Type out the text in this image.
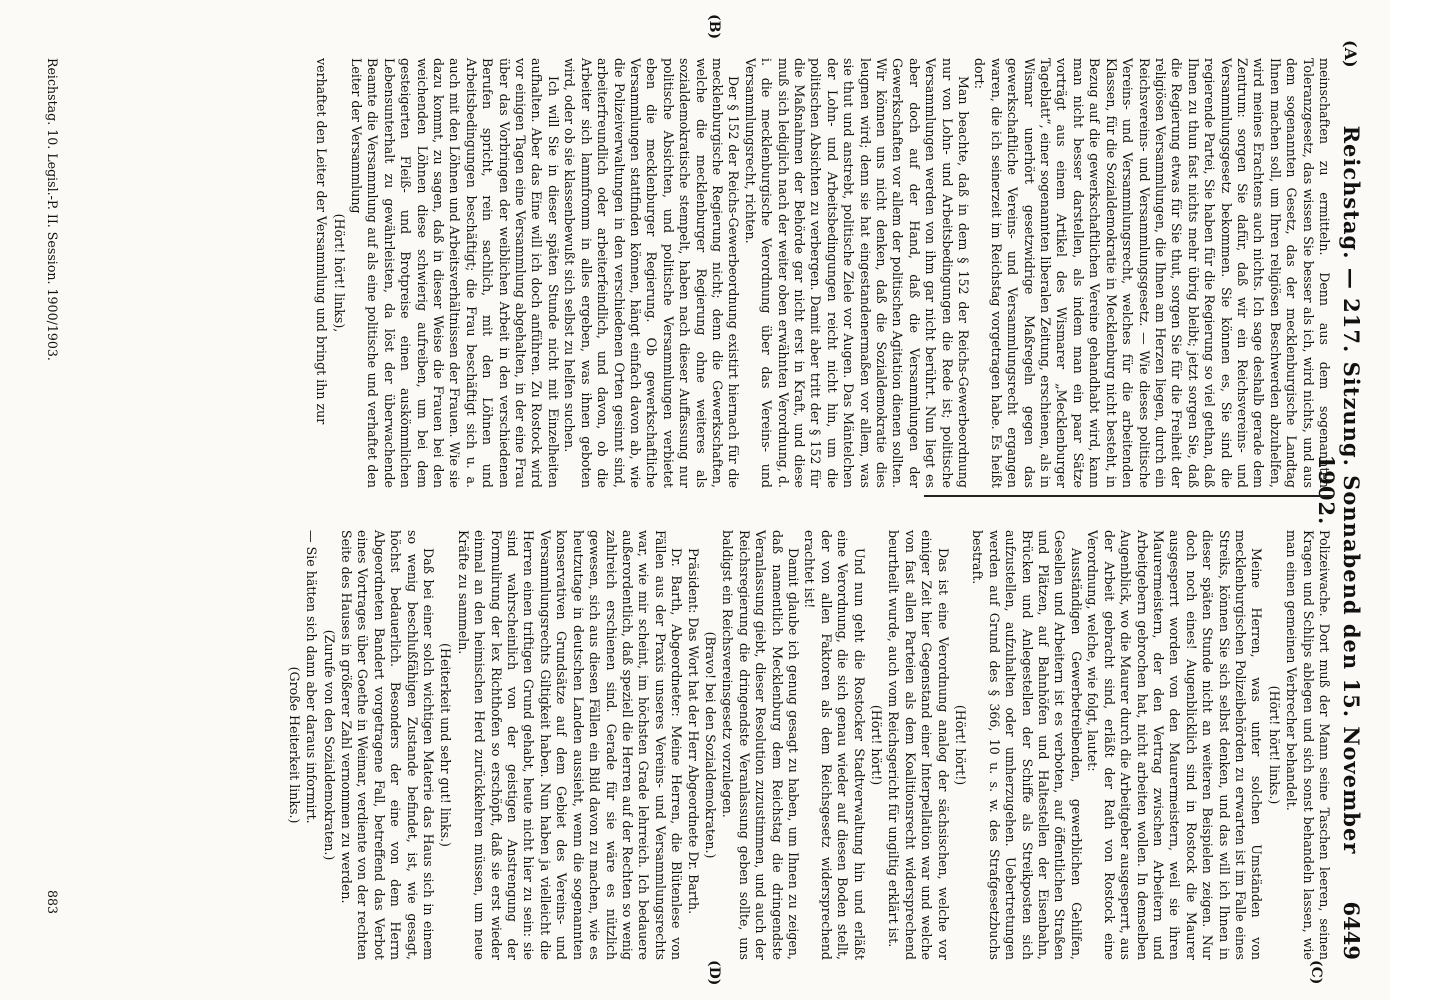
(A)
Reichstag. — 217. Sitzung. Sonnabend den 15. November 1902.
6449

meinschaften zu ermitteln. Denn aus dem sogenannten Toleranzgesetz, das wissen Sie besser als ich, wird nichts, und aus dem sogenannten Gesetz, das der mecklenburgische Landtag Ihnen machen soll, um Ihren religiösen Beschwerden abzuhelfen, wird meines Erachtens auch nichts. Ich sage deshalb gerade dem Zentrum: sorgen Sie dafür, daß wir ein Reichsvereins- und Versammlungsgesetz bekommen. Sie können es, Sie sind die regierende Partei, Sie haben für die Regierung so viel gethan, daß Ihnen zu thun fast nichts mehr übrig bleibt; jetzt sorgen Sie, daß die Regierung etwas für Sie thut, sorgen Sie für die Freiheit der religiösen Versammlungen, die Ihnen am Herzen liegen, durch ein Reichsvereins- und Versammlungsgesetz. — Wie dieses politische Vereins- und Versammlungsrecht, welches für die arbeitenden Klassen, für die Sozialdemokratie in Mecklenburg nicht besteht, in Bezug auf die gewerkschaftlichen Vereine gehandhabt wird, kann man nicht besser darstellen, als indem man ein paar Sätze vorträgt aus einem Artikel des Wismarer „Mecklenburger Tageblatt“, einer sogenannten liberalen Zeitung, erschienen, als in Wismar unerhört gesetzwidrige Maßregeln gegen das gewerkschaftliche Vereins- und Versammlungsrecht ergangen waren, die ich seinerzeit im Reichstag vorgetragen habe. Es heißt dort:

Man beachte, daß in dem § 152 der Reichs-Gewerbeordnung nur von Lohn- und Arbeitsbedingungen die Rede ist; politische Versammlungen werden von ihm gar nicht berührt. Nun liegt es aber doch auf der Hand, daß die Versammlungen der Gewerkschaften vor allem der politischen Agitation dienen sollten. Wir können uns nicht denken, daß die Sozialdemokratie dies leugnen wird; denn sie hat eingestandenermaßen vor allem, was sie thut und anstrebt, politische Ziele vor Augen. Das Mäntelchen der Lohn- und Arbeitsbedingungen reicht nicht hin, um die politischen Absichten zu verbergen. Damit aber tritt der § 152 für die Maßnahmen der Behörde gar nicht erst in Kraft, und diese muß sich lediglich nach der weiter oben erwähnten Verordnung, d. i. die mecklenburgische Verordnung über das Vereins- und Versammlungsrecht, richten.

Der § 152 der Reichs-Gewerbeordnung existirt hiernach für die mecklenburgische Regierung nicht; denn die Gewerkschaften, welche die mecklenburger Regierung ohne weiteres als sozialdemokratische stempelt, haben nach dieser Auffassung nur politische Absichten, und politische Versammlungen verbietet eben die mecklenburger Regierung. Ob gewerkschaftliche Versammlungen stattfinden können, hängt einfach davon ab, wie die Polizeiverwaltungen in den verschiedenen Orten gesinnt sind, arbeiterfreundlich oder arbeiterfeindlich, und davon, ob die Arbeiter sich lammfromm in alles ergeben, was ihnen geboten wird, oder ob sie klassenbewußt sich selbst zu helfen suchen.

Ich will Sie in dieser späten Stunde nicht mit Einzelheiten aufhalten. Aber das Eine will ich doch anführen. Zu Rostock wird vor einigen Tagen eine Versammlung abgehalten, in der eine Frau über das Vorbringen der weiblichen Arbeit in den verschiedenen Berufen spricht, rein sachlich, mit den Löhnen und Arbeitsbedingungen beschäftigt; die Frau beschäftigt sich u. a. auch mit den Löhnen und Arbeitsverhältnissen der Frauen. Wie sie dazu kommt, zu sagen, daß in dieser Weise die Frauen bei den weichenden Löhnen diese schwierig aufreiben, um bei dem gesteigerten Fleiß- und Brotpreise einen auskömmlichen Lebensunterhalt zu gewährleisten, da löst der überwachende Beamte die Versammlung auf als eine politische und verhaftet den Leiter der Versammlung

(Hört! hört! links),

verhaftet den Leiter der Versammlung und bringt ihn zur

Polizeiwache. Dort muß der Mann seine Taschen leeren, seinen Kragen und Schlips ablegen und sich sonst behandeln lassen, wie man einen gemeinen Verbrecher behandelt.

(Hört! hört! links.)

Meine Herren, was unter solchen Umständen von mecklenburgischen Polizeibehörden zu erwarten ist im Falle eines Streiks, können Sie sich selbst denken, und das will ich Ihnen in dieser späten Stunde nicht an weiteren Beispielen zeigen. Nur doch noch eines! Augenblicklich sind in Rostock die Maurer ausgesperrt worden von den Maurermeistern, weil sie ihren Maurermeistern, der den Vertrag zwischen Arbeitern und Arbeitgebern gebrochen hat, nicht arbeiten wollen. In demselben Augenblick, wo die Maurer durch die Arbeitgeber ausgesperrt, aus der Arbeit gebracht sind, erläßt der Rath von Rostock eine Verordnung, welche, wie folgt, lautet:

Ausständigen Gewerbetreibenden, gewerblichen Gehilfen, Gesellen und Arbeitern ist es verboten, auf öffentlichen Straßen und Plätzen, auf Bahnhöfen und Haltestellen der Eisenbahn, Brücken und Anlegestellen der Schiffe als Streikposten sich aufzustellen, aufzuhalten oder umherzugehen. Uebertretungen werden auf Grund des § 366, 10 u. s. w. des Strafgesetzbuchs bestraft.

(Hört! hört!)

Das ist eine Verordnung analog der sächsischen, welche vor einiger Zeit hier Gegenstand einer Interpellation war und welche von fast allen Parteien als dem Koalitionsrecht widersprechend beurtheilt wurde, auch vom Reichsgericht für ungiltig erklärt ist.

(Hört! hört!)

Und nun geht die Rostocker Stadtverwaltung hin und erläßt eine Verordnung, die sich genau wieder auf diesen Boden stellt, der von allen Faktoren als dem Reichsgesetz widersprechend erachtet ist!

Damit glaube ich genug gesagt zu haben, um Ihnen zu zeigen, daß namentlich Mecklenburg dem Reichstag die dringendste Veranlassung giebt, dieser Resolution zuzustimmen, und auch der Reichsregierung die dringendste Veranlassung geben sollte, uns baldigst ein Reichsvereinsgesetz vorzulegen.

(Bravo! bei den Sozialdemokraten.)

Präsident: Das Wort hat der Herr Abgeordnete Dr. Barth.

Dr. Barth, Abgeordneter: Meine Herren, die Blütenlese von Fällen aus der Praxis unseres Vereins- und Versammlungsrechts war, wie mir scheint, im höchsten Grade lehrreich. Ich bedauere außerordentlich, daß speziell die Herren auf der Rechten so wenig zahlreich erschienen sind. Gerade für sie wäre es nützlich gewesen, sich aus diesen Fällen ein Bild davon zu machen, wie es heutzutage in deutschen Landen aussieht, wenn die sogenannten konservativen Grundsätze auf dem Gebiet des Vereins- und Versammlungsrechts Giltigkeit haben. Nun haben ja vielleicht die Herren einen triftigen Grund gehabt, heute nicht hier zu sein: sie sind wahrscheinlich von der geistigen Anstrengung der Formulirung der lex Richthofen so erschöpft, daß sie erst wieder einmal an den heimischen Herd zurückkehren müssen, um neue Kräfte zu sammeln.

(Heiterkeit und sehr gut! links.)

Daß bei einer solch wichtigen Materie das Haus sich in einem so wenig beschlußfähigen Zustande befindet, ist, wie gesagt, höchst bedauerlich. Besonders der eine von dem Herrn Abgeordneten Bandert vorgetragene Fall, betreffend das Verbot eines Vortrages über Goethe in Weimar, verdiente von der rechten Seite des Hauses in größerer Zahl vernommen zu werden.

(Zurufe von den Sozialdemokraten.)

— Sie hätten sich dann aber daraus informirt.

(Große Heiterkeit links.)
(C)
(D)
(B)
Reichstag. 10. Legisl.-P. II. Session. 1900/1903.
883
